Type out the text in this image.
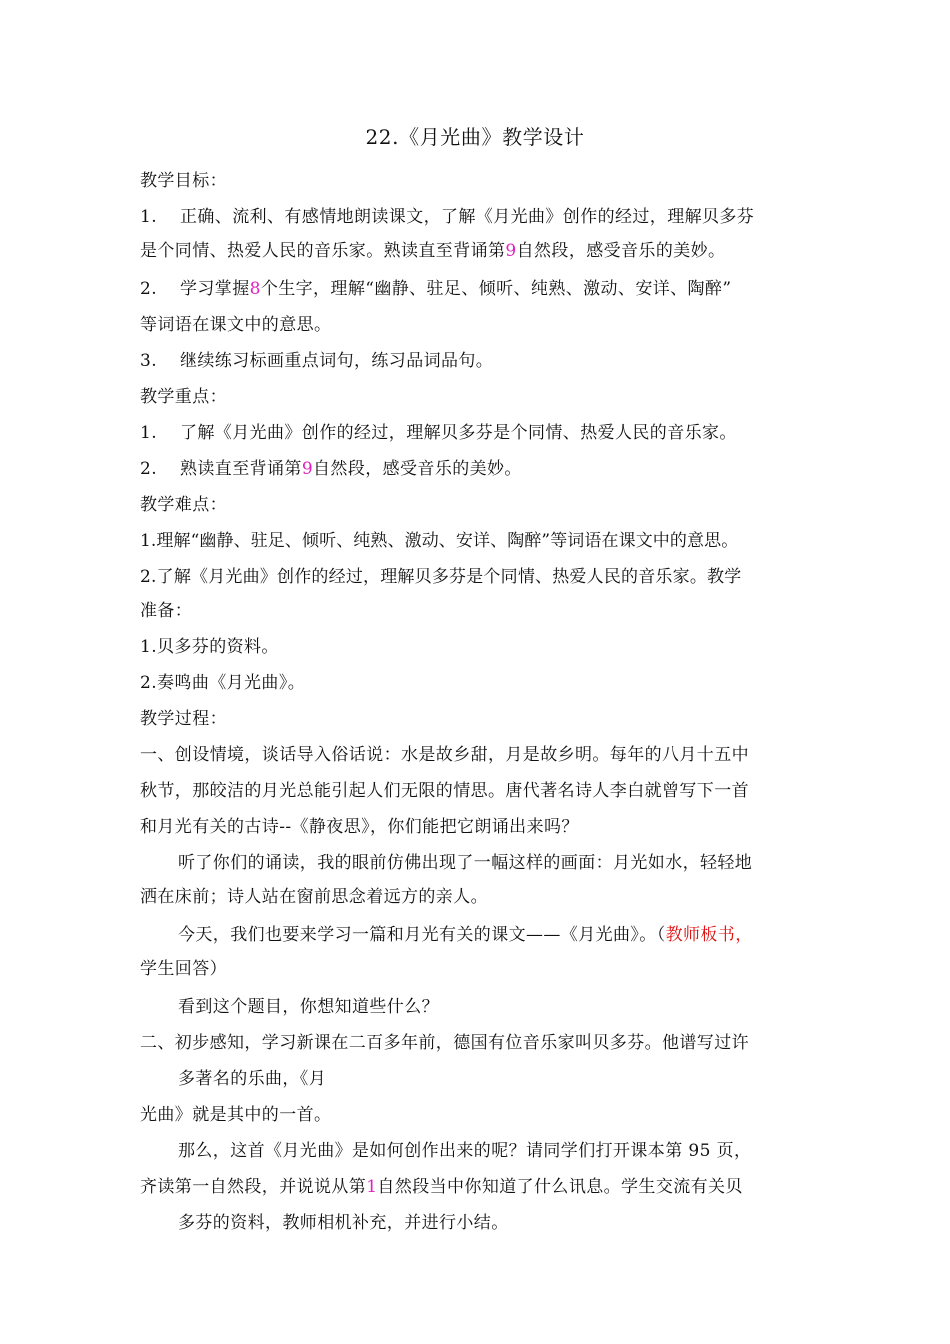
22.《月光曲》教学设计
教学目标：
1. 正确、流利、有感情地朗读课文，了解《月光曲》创作的经过，理解贝多芬
是个同情、热爱人民的音乐家。熟读直至背诵第9自然段，感受音乐的美妙。
2. 学习掌握8个生字，理解“幽静、驻足、倾听、纯熟、激动、安详、陶醉”
等词语在课文中的意思。
3. 继续练习标画重点词句，练习品词品句。
教学重点：
1. 了解《月光曲》创作的经过，理解贝多芬是个同情、热爱人民的音乐家。
2. 熟读直至背诵第9自然段，感受音乐的美妙。
教学难点：
1.理解“幽静、驻足、倾听、纯熟、激动、安详、陶醉”等词语在课文中的意思。
2.了解《月光曲》创作的经过，理解贝多芬是个同情、热爱人民的音乐家。教学
准备：
1.贝多芬的资料。
2.奏鸣曲《月光曲》。
教学过程：
一、创设情境，谈话导入俗话说：水是故乡甜，月是故乡明。每年的八月十五中
秋节，那皎洁的月光总能引起人们无限的情思。唐代著名诗人李白就曾写下一首
和月光有关的古诗--《静夜思》，你们能把它朗诵出来吗？
听了你们的诵读，我的眼前仿佛出现了一幅这样的画面：月光如水，轻轻地
洒在床前；诗人站在窗前思念着远方的亲人。
今天，我们也要来学习一篇和月光有关的课文——《月光曲》。（教师板书，
学生回答）
看到这个题目，你想知道些什么？
二、初步感知，学习新课在二百多年前，德国有位音乐家叫贝多芬。他谱写过许
多著名的乐曲，《月
光曲》就是其中的一首。
那么，这首《月光曲》是如何创作出来的呢？请同学们打开课本第 95 页，
齐读第一自然段，并说说从第1自然段当中你知道了什么讯息。学生交流有关贝
多芬的资料，教师相机补充，并进行小结。
